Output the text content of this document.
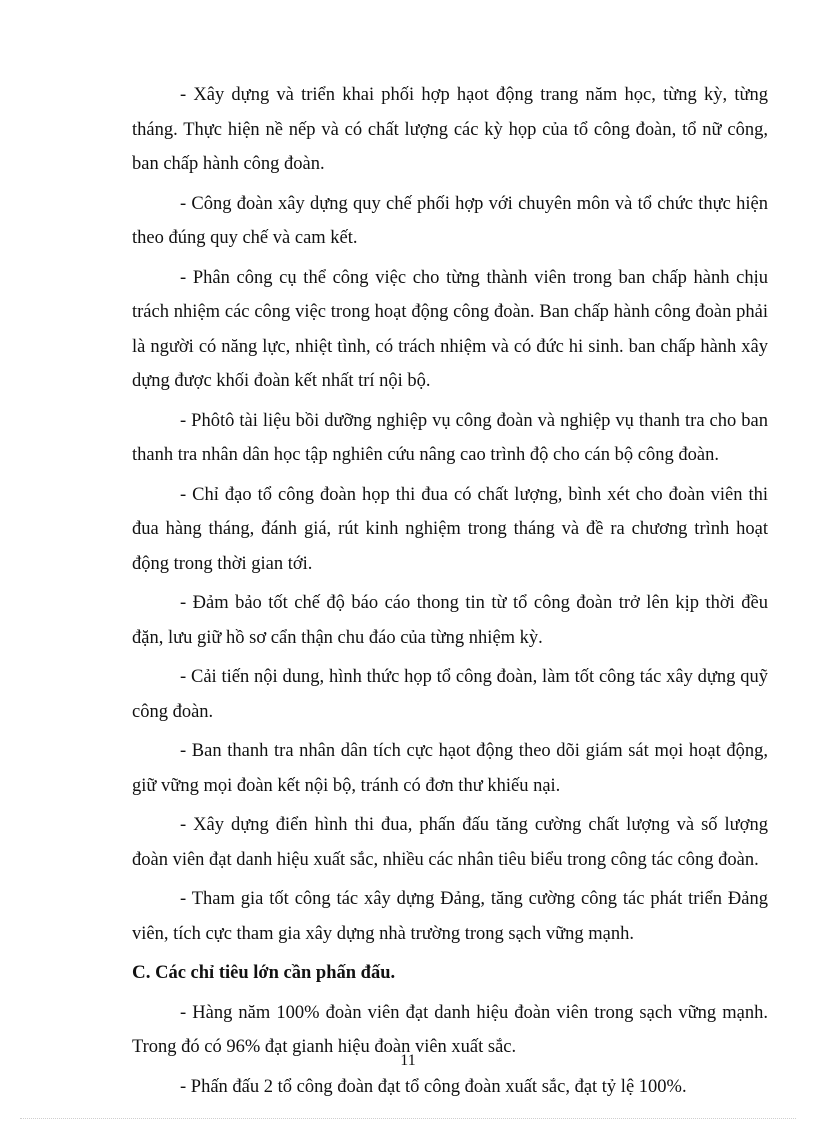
- Xây dựng và triển khai phối hợp hạot động trang năm học, từng kỳ, từng tháng. Thực hiện nề nếp và có chất lượng các kỳ họp của tổ công đoàn, tổ nữ công, ban chấp hành công đoàn.

- Công đoàn xây dựng quy chế phối hợp với chuyên môn và tổ chức thực hiện theo đúng quy chế và cam kết.

- Phân công cụ thể công việc cho từng thành viên trong ban chấp hành chịu trách nhiệm các công việc trong hoạt động công đoàn. Ban chấp hành công đoàn phải là người có năng lực, nhiệt tình, có trách nhiệm và có đức hi sinh. ban chấp hành xây dựng được khối đoàn kết nhất trí nội bộ.

- Phôtô tài liệu bồi dưỡng nghiệp vụ công đoàn và nghiệp vụ thanh tra cho ban thanh tra nhân dân học tập nghiên cứu nâng cao trình độ cho cán bộ công đoàn.

- Chỉ đạo tổ công đoàn họp thi đua có chất lượng, bình xét cho đoàn viên thi đua hàng tháng, đánh giá, rút kinh nghiệm trong tháng và đề ra chương trình hoạt động trong thời gian tới.

- Đảm bảo tốt chế độ báo cáo thong tin từ tổ công đoàn trở lên kịp thời đều đặn, lưu giữ hồ sơ cẩn thận chu đáo của từng nhiệm kỳ.

- Cải tiến nội dung, hình thức họp tổ công đoàn, làm tốt công tác xây dựng quỹ công đoàn.

- Ban thanh tra nhân dân tích cực hạot động theo dõi giám sát mọi hoạt động, giữ vững mọi đoàn kết nội bộ, tránh có đơn thư khiếu nại.

- Xây dựng điển hình thi đua, phấn đấu tăng cường chất lượng và số lượng đoàn viên đạt danh hiệu xuất sắc, nhiều các nhân tiêu biểu trong công tác công đoàn.

- Tham gia tốt công tác xây dựng Đảng, tăng cường công tác phát triển Đảng viên, tích cực tham gia xây dựng nhà trường trong sạch vững mạnh.

C. Các chỉ tiêu lớn cần phấn đấu.

- Hàng năm 100% đoàn viên đạt danh hiệu đoàn viên trong sạch vững mạnh. Trong đó có 96% đạt gianh hiệu đoàn viên xuất sắc.

- Phấn đấu 2 tổ công đoàn đạt tổ công đoàn xuất sắc, đạt tỷ lệ 100%.

11
